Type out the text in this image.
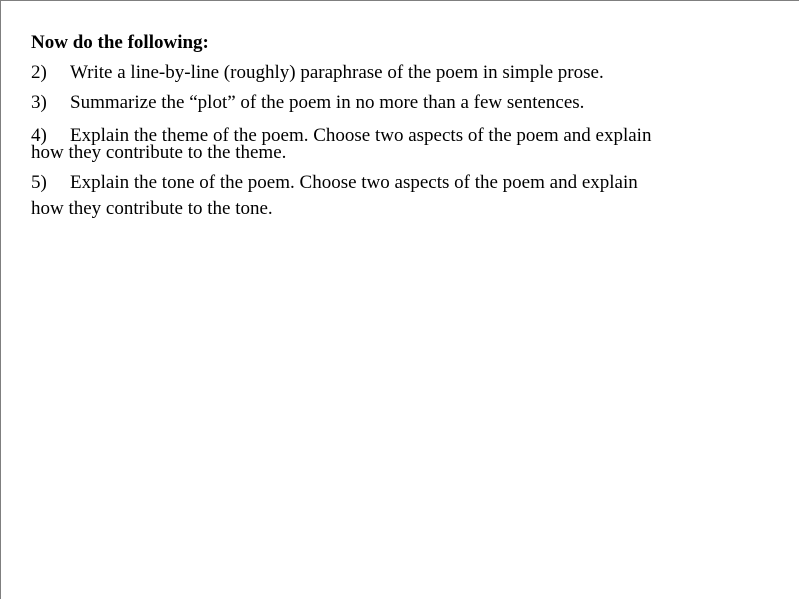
Now do the following:
2) Write a line-by-line (roughly) paraphrase of the poem in simple prose.
3) Summarize the “plot” of the poem in no more than a few sentences.
4) Explain the theme of the poem. Choose two aspects of the poem and explain
how they contribute to the theme.
5) Explain the tone of the poem. Choose two aspects of the poem and explain
how they contribute to the tone.
